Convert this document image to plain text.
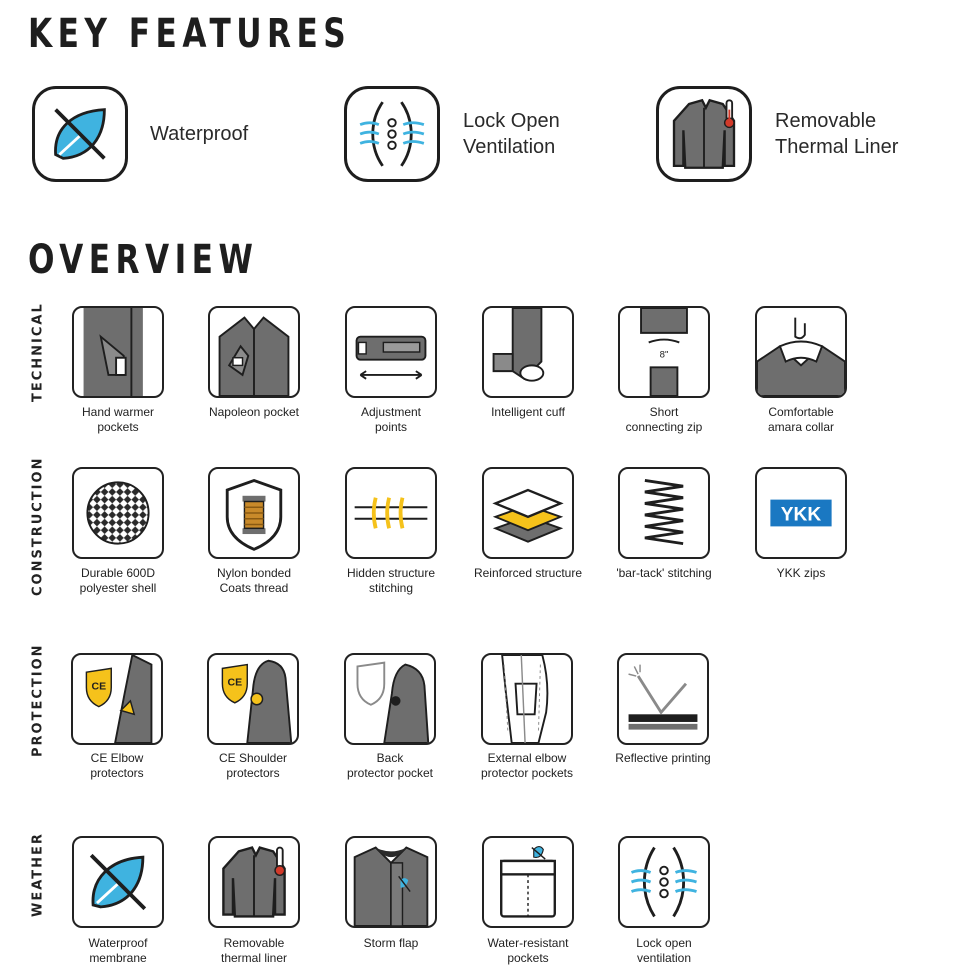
KEY FEATURES
Waterproof
Lock Open
Ventilation
Removable
Thermal Liner
OVERVIEW
TECHNICAL
Hand warmer
pockets
Napoleon pocket	Adjustment
points
Intelligent cuff
8"
Short
connecting zip
Comfortable
amara collar
CONSTRUCTION	Durable 600D
polyester shell
Nylon bonded
Coats thread
Hidden structure
stitching
Reinforced structure	'bar-tack' stitching
YKK
YKK zips
PROTECTION	CE
CE Elbow
protectors
CE
CE Shoulder
protectors
Back
protector pocket
External elbow
protector pockets
Reflective printing
WEATHER
Waterproof
membrane
Removable
thermal liner
Storm flap	Water-resistant
pockets
Lock open
ventilation
